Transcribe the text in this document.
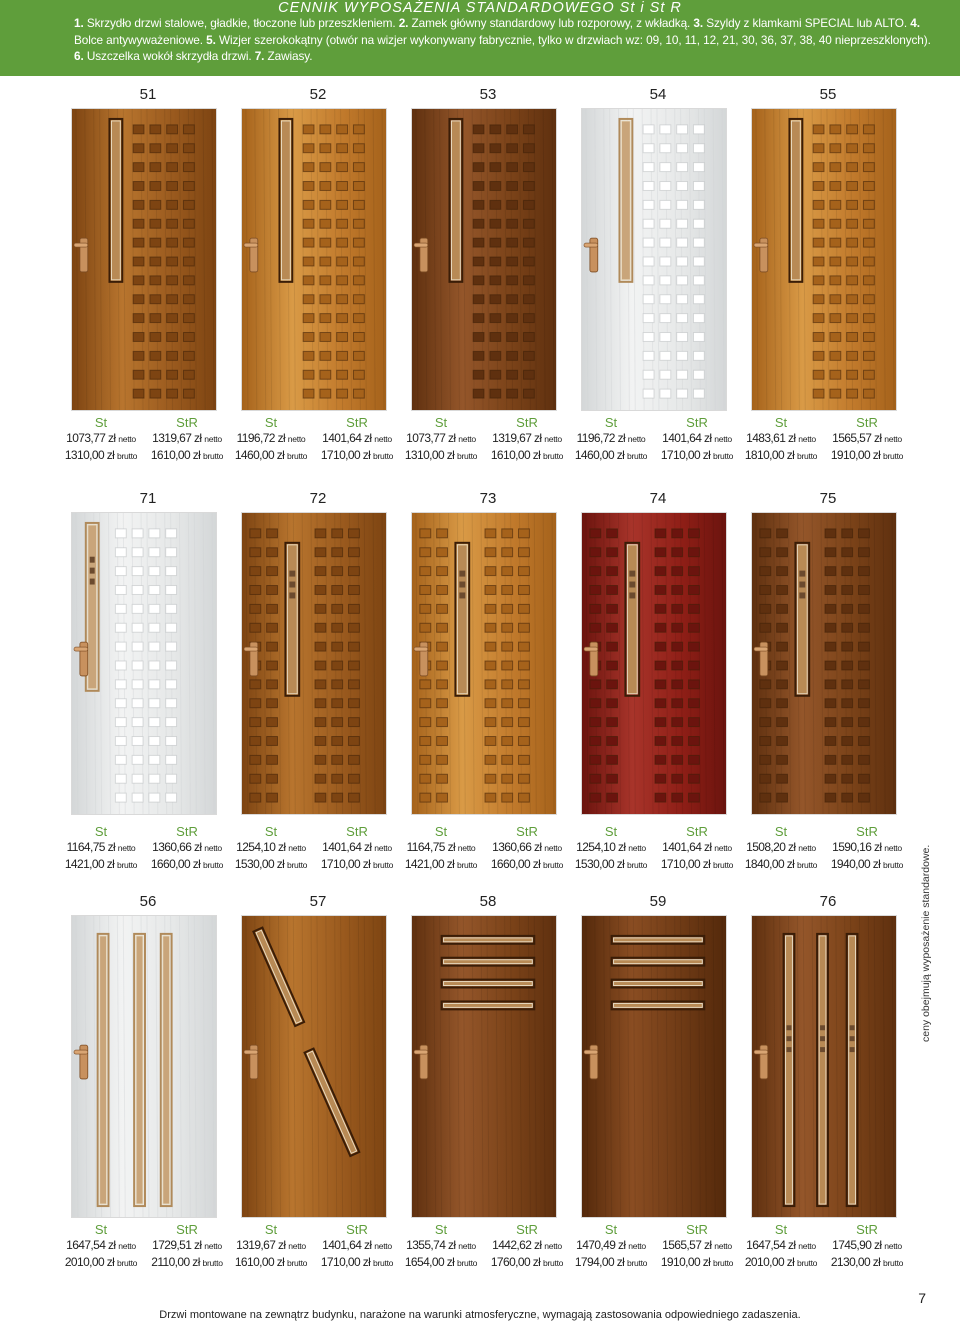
CENNIK WYPOSAŻENIA STANDARDOWEGO St i St R
1. Skrzydło drzwi stalowe, gładkie, tłoczone lub przeszkleniem. 2. Zamek główny standardowy lub rozporowy, z wkładką. 3. Szyldy z klamkami SPECIAL lub ALTO. 4. Bolce antywyważeniowe. 5. Wizjer szerokokątny (otwór na wizjer wykonywany fabrycznie, tylko w drzwiach wz: 09, 10, 11, 12, 21, 30, 36, 37, 38, 40 nieprzeszklonych). 6. Uszczelka wokół skrzydła drzwi. 7. Zawiasy.
51
St
1073,77 zł netto
1310,00 zł brutto
StR
1319,67 zł netto
1610,00 zł brutto
52
St
1196,72 zł netto
1460,00 zł brutto
StR
1401,64 zł netto
1710,00 zł brutto
53
St
1073,77 zł netto
1310,00 zł brutto
StR
1319,67 zł netto
1610,00 zł brutto
54
St
1196,72 zł netto
1460,00 zł brutto
StR
1401,64 zł netto
1710,00 zł brutto
55
St
1483,61 zł netto
1810,00 zł brutto
StR
1565,57 zł netto
1910,00 zł brutto
71
St
1164,75 zł netto
1421,00 zł brutto
StR
1360,66 zł netto
1660,00 zł brutto
72
St
1254,10 zł netto
1530,00 zł brutto
StR
1401,64 zł netto
1710,00 zł brutto
73
St
1164,75 zł netto
1421,00 zł brutto
StR
1360,66 zł netto
1660,00 zł brutto
74
St
1254,10 zł netto
1530,00 zł brutto
StR
1401,64 zł netto
1710,00 zł brutto
75
St
1508,20 zł netto
1840,00 zł brutto
StR
1590,16 zł netto
1940,00 zł brutto
56
St
1647,54 zł netto
2010,00 zł brutto
StR
1729,51 zł netto
2110,00 zł brutto
57
St
1319,67 zł netto
1610,00 zł brutto
StR
1401,64 zł netto
1710,00 zł brutto
58
St
1355,74 zł netto
1654,00 zł brutto
StR
1442,62 zł netto
1760,00 zł brutto
59
St
1470,49 zł netto
1794,00 zł brutto
StR
1565,57 zł netto
1910,00 zł brutto
76
St
1647,54 zł netto
2010,00 zł brutto
StR
1745,90 zł netto
2130,00 zł brutto
ceny obejmują wyposażenie standardowe.
Drzwi montowane na zewnątrz budynku, narażone na warunki atmosferyczne, wymagają zastosowania odpowiedniego zadaszenia.
7
